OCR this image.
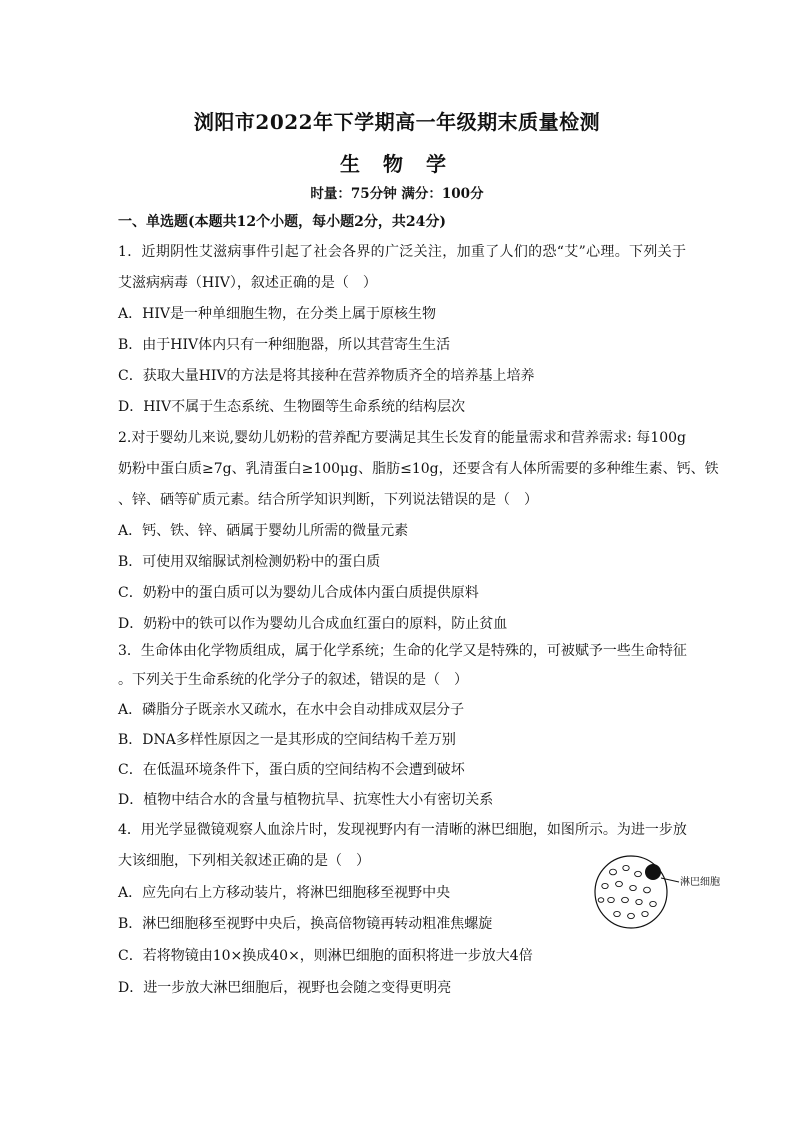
浏阳市2022年下学期高一年级期末质量检测
生 物 学
时量：75分钟 满分：100分
一、单选题(本题共12个小题，每小题2分，共24分)
1．近期阴性艾滋病事件引起了社会各界的广泛关注，加重了人们的恐“艾”心理。下列关于
艾滋病病毒（HIV），叙述正确的是（　）
A．HIV是一种单细胞生物，在分类上属于原核生物
B．由于HIV体内只有一种细胞器，所以其营寄生生活
C．获取大量HIV的方法是将其接种在营养物质齐全的培养基上培养
D．HIV不属于生态系统、生物圈等生命系统的结构层次
2.对于婴幼儿来说,婴幼儿奶粉的营养配方要满足其生长发育的能量需求和营养需求: 每100g
奶粉中蛋白质≥7g、乳清蛋白≥100μg、脂肪≤10g，还要含有人体所需要的多种维生素、钙、铁
、锌、硒等矿质元素。结合所学知识判断，下列说法错误的是（　）
A．钙、铁、锌、硒属于婴幼儿所需的微量元素
B．可使用双缩脲试剂检测奶粉中的蛋白质
C．奶粉中的蛋白质可以为婴幼儿合成体内蛋白质提供原料
D．奶粉中的铁可以作为婴幼儿合成血红蛋白的原料，防止贫血
3．生命体由化学物质组成，属于化学系统；生命的化学又是特殊的，可被赋予一些生命特征
。下列关于生命系统的化学分子的叙述，错误的是（　）
A．磷脂分子既亲水又疏水，在水中会自动排成双层分子
B．DNA多样性原因之一是其形成的空间结构千差万别
C．在低温环境条件下，蛋白质的空间结构不会遭到破坏
D．植物中结合水的含量与植物抗旱、抗寒性大小有密切关系
4．用光学显微镜观察人血涂片时，发现视野内有一清晰的淋巴细胞，如图所示。为进一步放
大该细胞，下列相关叙述正确的是（　）
A．应先向右上方移动装片，将淋巴细胞移至视野中央
B．淋巴细胞移至视野中央后，换高倍物镜再转动粗准焦螺旋
C．若将物镜由10×换成40×，则淋巴细胞的面积将进一步放大4倍
D．进一步放大淋巴细胞后，视野也会随之变得更明亮
淋巴细胞
